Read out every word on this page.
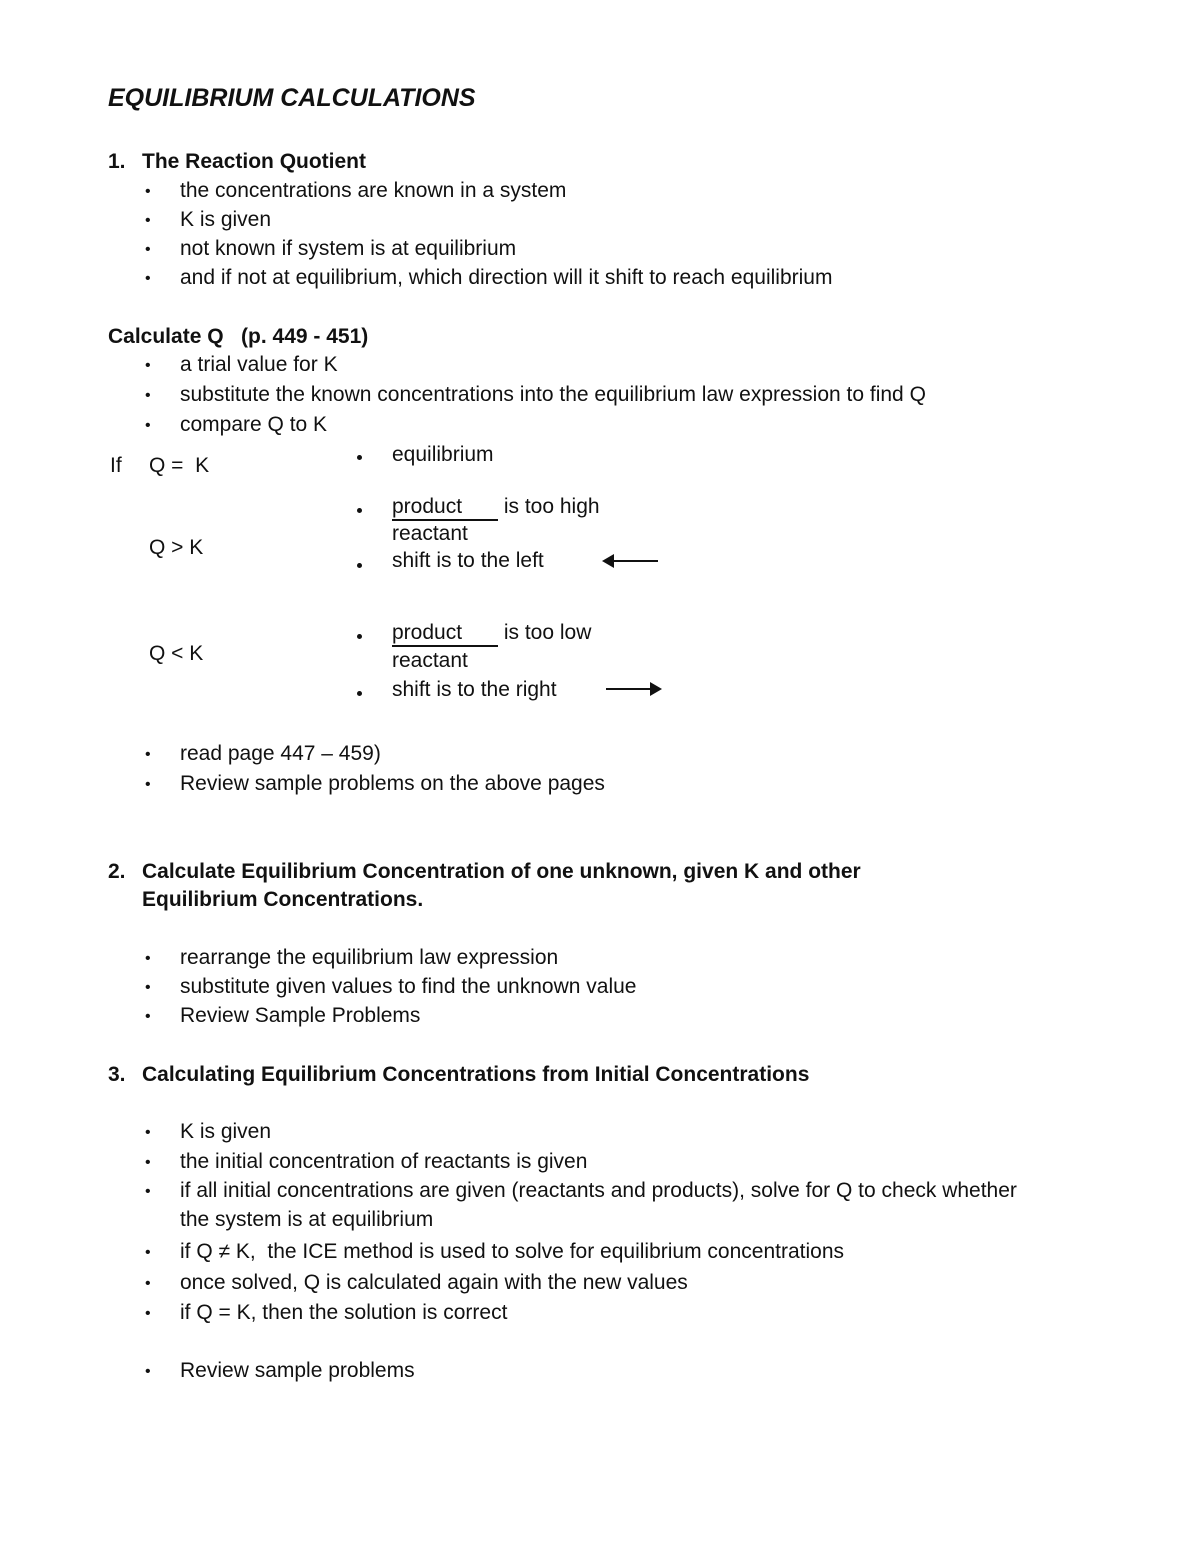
EQUILIBRIUM CALCULATIONS
1. The Reaction Quotient
• the concentrations are known in a system
• K is given
• not known if system is at equilibrium
• and if not at equilibrium, which direction will it shift to reach equilibrium
Calculate Q   (p. 449 - 451)
• a trial value for K
• substitute the known concentrations into the equilibrium law expression to find Q
• compare Q to K
If Q =  K	equilibrium
Q > K
product is too high
reactant
shift is to the left
Q < K
product is too low
reactant
shift is to the right
• read page 447 – 459)
• Review sample problems on the above pages
2. Calculate Equilibrium Concentration of one unknown, given K and other
Equilibrium Concentrations.
• rearrange the equilibrium law expression
• substitute given values to find the unknown value
• Review Sample Problems
3. Calculating Equilibrium Concentrations from Initial Concentrations
• K is given
• the initial concentration of reactants is given
• if all initial concentrations are given (reactants and products), solve for Q to check whether
the system is at equilibrium
• if Q ≠ K,  the ICE method is used to solve for equilibrium concentrations
• once solved, Q is calculated again with the new values
• if Q = K, then the solution is correct
• Review sample problems
